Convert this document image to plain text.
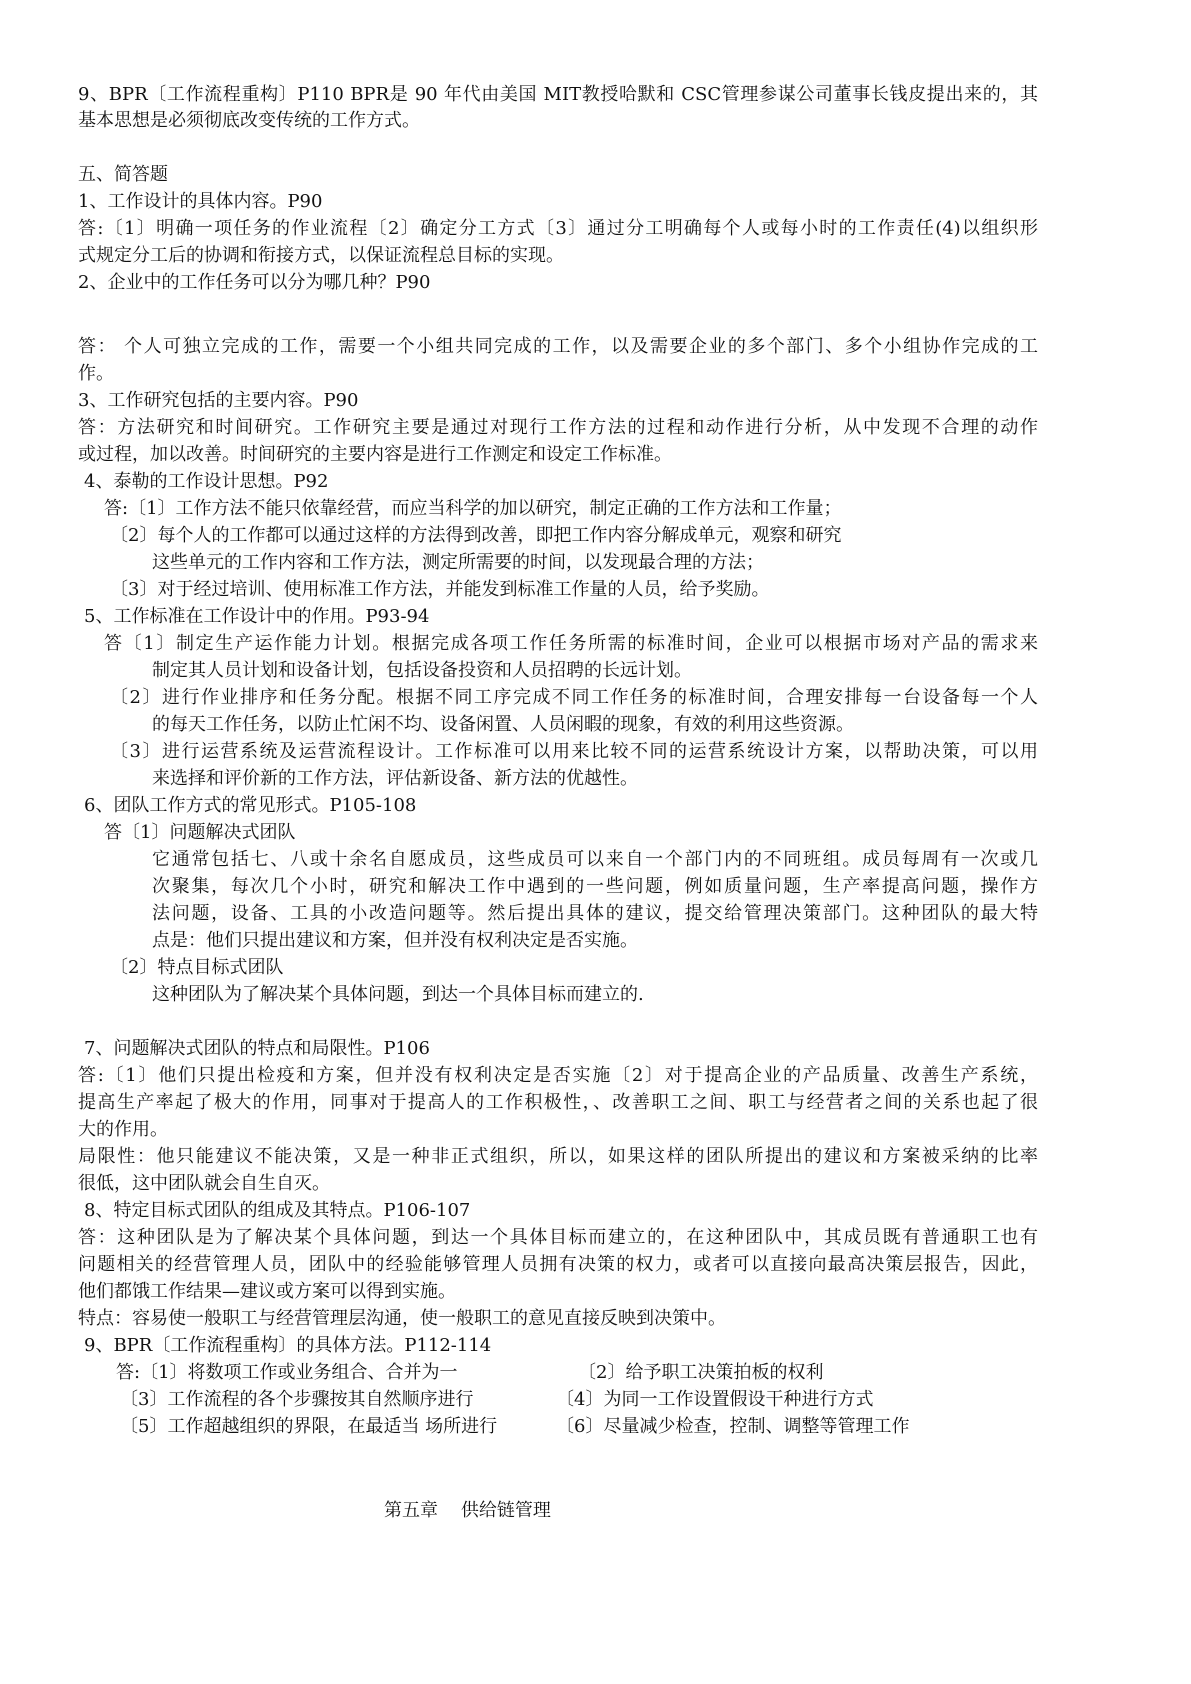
9、BPR〔工作流程重构〕P110 BPR是 90 年代由美国 MIT教授哈默和 CSC管理参谋公司董事长钱皮提出来的，其
基本思想是必须彻底改变传统的工作方式。
五、简答题
1、工作设计的具体内容。P90
答:〔1〕明确一项任务的作业流程〔2〕确定分工方式〔3〕通过分工明确每个人或每小时的工作责任(4)以组织形
式规定分工后的协调和衔接方式，以保证流程总目标的实现。
2、企业中的工作任务可以分为哪几种？P90
答： 个人可独立完成的工作，需要一个小组共同完成的工作，以及需要企业的多个部门、多个小组协作完成的工
作。
3、工作研究包括的主要内容。P90
答：方法研究和时间研究。工作研究主要是通过对现行工作方法的过程和动作进行分析，从中发现不合理的动作
或过程，加以改善。时间研究的主要内容是进行工作测定和设定工作标准。
4、泰勒的工作设计思想。P92
答:〔1〕工作方法不能只依靠经营，而应当科学的加以研究，制定正确的工作方法和工作量；
〔2〕每个人的工作都可以通过这样的方法得到改善，即把工作内容分解成单元，观察和研究
这些单元的工作内容和工作方法，测定所需要的时间，以发现最合理的方法；
〔3〕对于经过培训、使用标准工作方法，并能发到标准工作量的人员，给予奖励。
5、工作标准在工作设计中的作用。P93-94
答〔1〕制定生产运作能力计划。根据完成各项工作任务所需的标准时间，企业可以根据市场对产品的需求来
制定其人员计划和设备计划，包括设备投资和人员招聘的长远计划。
〔2〕进行作业排序和任务分配。根据不同工序完成不同工作任务的标准时间，合理安排每一台设备每一个人
的每天工作任务，以防止忙闲不均、设备闲置、人员闲暇的现象，有效的利用这些资源。
〔3〕进行运营系统及运营流程设计。工作标准可以用来比较不同的运营系统设计方案，以帮助决策，可以用
来选择和评价新的工作方法，评估新设备、新方法的优越性。
6、团队工作方式的常见形式。P105-108
答〔1〕问题解决式团队
它通常包括七、八或十余名自愿成员，这些成员可以来自一个部门内的不同班组。成员每周有一次或几
次聚集，每次几个小时，研究和解决工作中遇到的一些问题，例如质量问题，生产率提高问题，操作方
法问题，设备、工具的小改造问题等。然后提出具体的建议，提交给管理决策部门。这种团队的最大特
点是：他们只提出建议和方案，但并没有权利决定是否实施。
〔2〕特点目标式团队
这种团队为了解决某个具体问题，到达一个具体目标而建立的.
7、问题解决式团队的特点和局限性。P106
答:〔1〕他们只提出检疫和方案，但并没有权利决定是否实施〔2〕对于提高企业的产品质量、改善生产系统，
提高生产率起了极大的作用，同事对于提高人的工作积极性，、改善职工之间、职工与经营者之间的关系也起了很
大的作用。
局限性：他只能建议不能决策，又是一种非正式组织，所以，如果这样的团队所提出的建议和方案被采纳的比率
很低，这中团队就会自生自灭。
8、特定目标式团队的组成及其特点。P106-107
答：这种团队是为了解决某个具体问题，到达一个具体目标而建立的，在这种团队中，其成员既有普通职工也有
问题相关的经营管理人员，团队中的经验能够管理人员拥有决策的权力，或者可以直接向最高决策层报告，因此，
他们都饿工作结果—建议或方案可以得到实施。
特点：容易使一般职工与经营管理层沟通，使一般职工的意见直接反映到决策中。
9、BPR〔工作流程重构〕的具体方法。P112-114
答:〔1〕将数项工作或业务组合、合并为一	〔2〕给予职工决策拍板的权利
〔3〕工作流程的各个步骤按其自然顺序进行	〔4〕为同一工作设置假设干种进行方式
〔5〕工作超越组织的界限，在最适当 场所进行	〔6〕尽量减少检查，控制、调整等管理工作
第五章    供给链管理
